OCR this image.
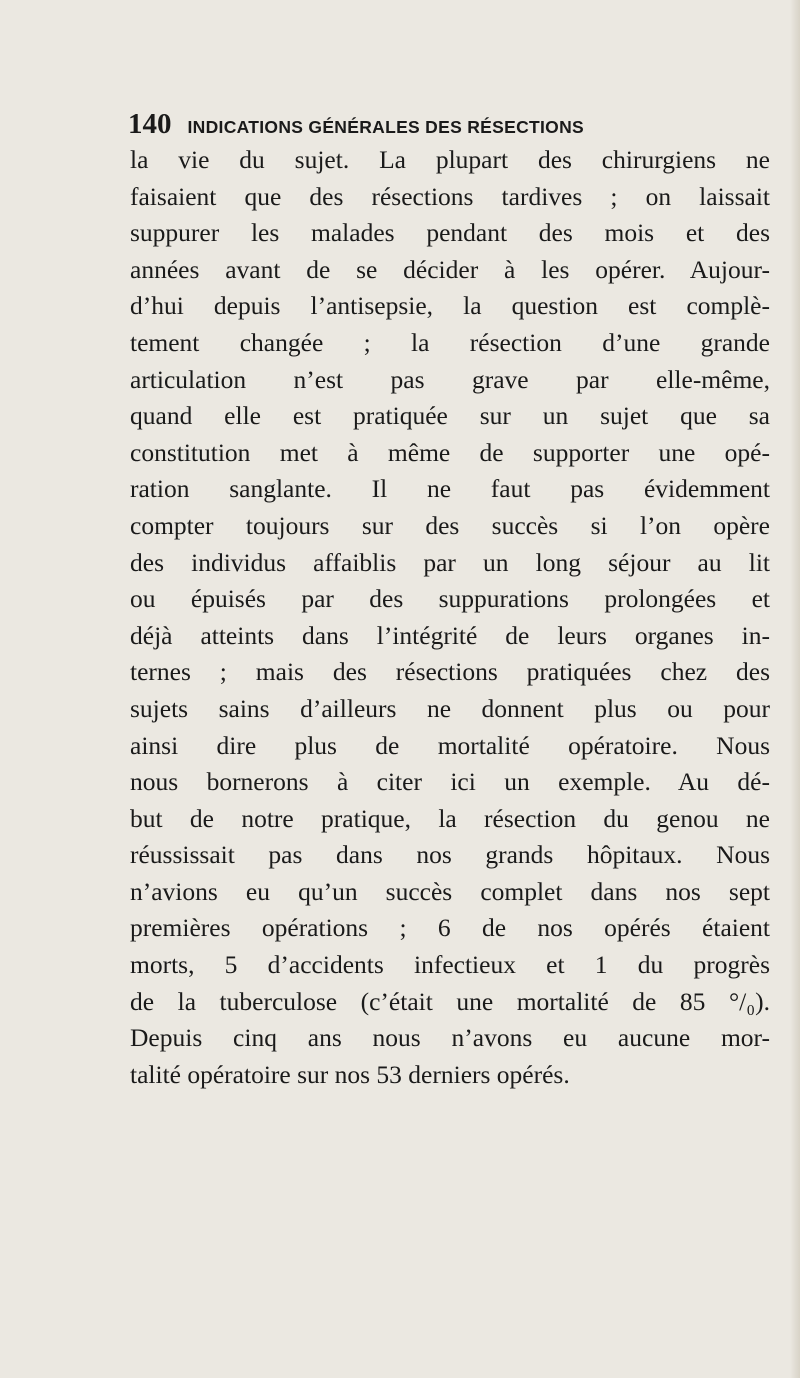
140 INDICATIONS GÉNÉRALES DES RÉSECTIONS
la vie du sujet. La plupart des chirurgiens ne
faisaient que des résections tardives ; on laissait
suppurer les malades pendant des mois et des
années avant de se décider à les opérer. Aujour-
d’hui depuis l’antisepsie, la question est complè-
tement changée ; la résection d’une grande
articulation n’est pas grave par elle-même,
quand elle est pratiquée sur un sujet que sa
constitution met à même de supporter une opé-
ration sanglante. Il ne faut pas évidemment
compter toujours sur des succès si l’on opère
des individus affaiblis par un long séjour au lit
ou épuisés par des suppurations prolongées et
déjà atteints dans l’intégrité de leurs organes in-
ternes ; mais des résections pratiquées chez des
sujets sains d’ailleurs ne donnent plus ou pour
ainsi dire plus de mortalité opératoire. Nous
nous bornerons à citer ici un exemple. Au dé-
but de notre pratique, la résection du genou ne
réussissait pas dans nos grands hôpitaux. Nous
n’avions eu qu’un succès complet dans nos sept
premières opérations ; 6 de nos opérés étaient
morts, 5 d’accidents infectieux et 1 du progrès
de la tuberculose (c’était une mortalité de 85 °/₀).
Depuis cinq ans nous n’avons eu aucune mor-
talité opératoire sur nos 53 derniers opérés.
